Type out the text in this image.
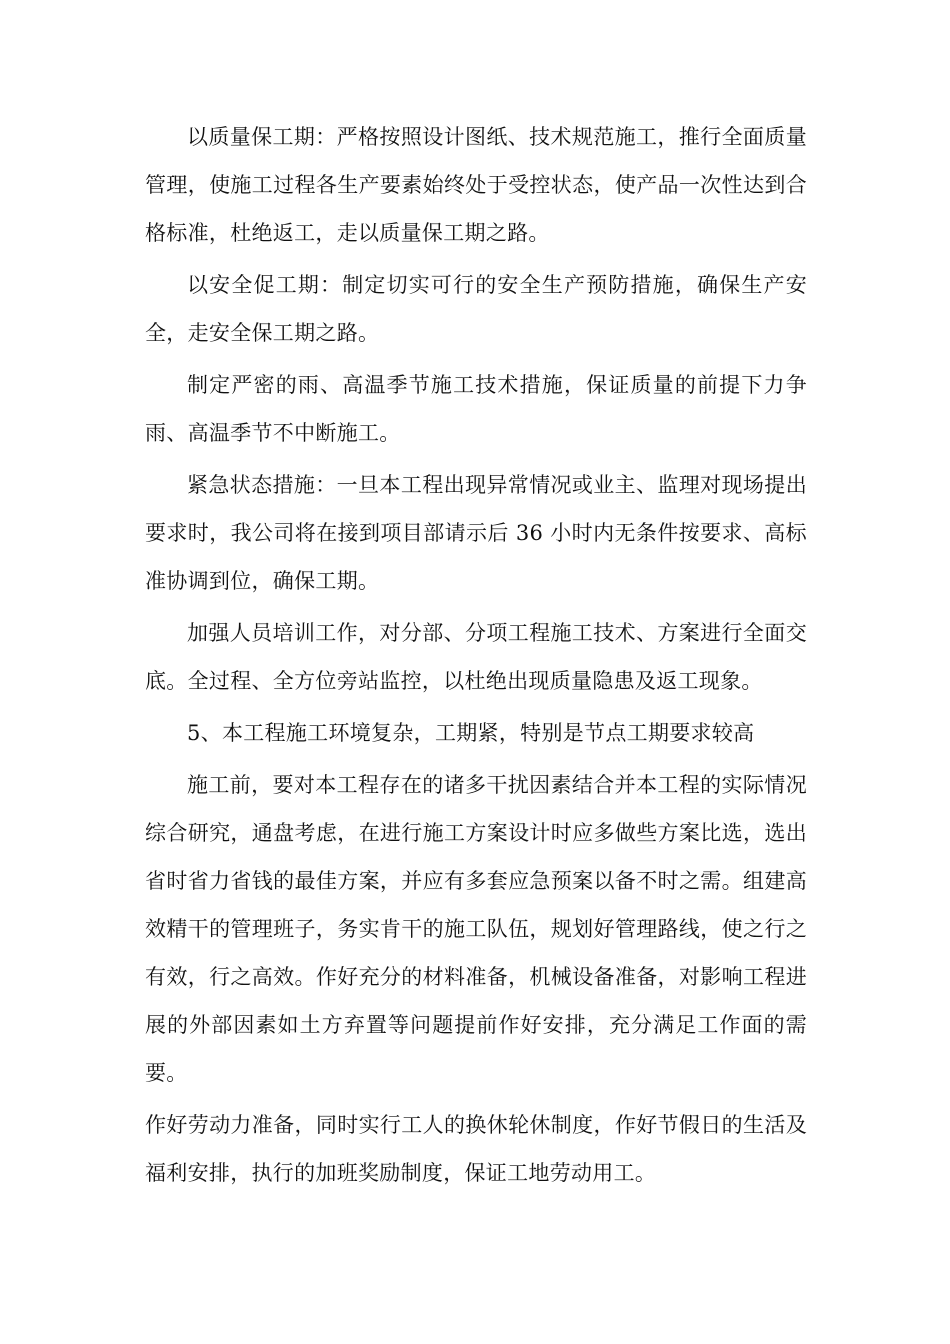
以质量保工期：严格按照设计图纸、技术规范施工，推行全面质量管理，使施工过程各生产要素始终处于受控状态，使产品一次性达到合格标准，杜绝返工，走以质量保工期之路。

以安全促工期：制定切实可行的安全生产预防措施，确保生产安全，走安全保工期之路。

制定严密的雨、高温季节施工技术措施，保证质量的前提下力争雨、高温季节不中断施工。

紧急状态措施：一旦本工程出现异常情况或业主、监理对现场提出要求时，我公司将在接到项目部请示后 36 小时内无条件按要求、高标准协调到位，确保工期。

加强人员培训工作，对分部、分项工程施工技术、方案进行全面交底。全过程、全方位旁站监控，以杜绝出现质量隐患及返工现象。

5、本工程施工环境复杂，工期紧，特别是节点工期要求较高

施工前，要对本工程存在的诸多干扰因素结合并本工程的实际情况综合研究，通盘考虑，在进行施工方案设计时应多做些方案比选，选出省时省力省钱的最佳方案，并应有多套应急预案以备不时之需。组建高效精干的管理班子，务实肯干的施工队伍，规划好管理路线，使之行之有效，行之高效。作好充分的材料准备，机械设备准备，对影响工程进展的外部因素如土方弃置等问题提前作好安排，充分满足工作面的需要。

作好劳动力准备，同时实行工人的换休轮休制度，作好节假日的生活及福利安排，执行的加班奖励制度，保证工地劳动用工。
